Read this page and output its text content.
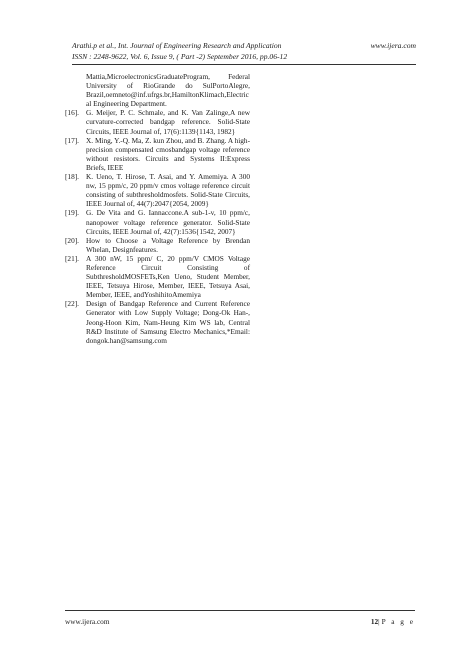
Arathi.p et al., Int. Journal of Engineering Research and Application	www.ijera.com
ISSN : 2248-9622, Vol. 6, Issue 9, ( Part -2) September 2016, pp.06-12
Mattia,MicroelectronicsGraduateProgram, Federal University of RioGrande do SulPortoAlegre, Brazil,oemneto@inf.ufrgs.br,HamiltonKlimach,Electrical Engineering Department.
[16]. G. Meijer, P. C. Schmale, and K. Van Zalinge,A new curvature-corrected bandgap reference. Solid-State Circuits, IEEE Journal of, 17(6):1139{1143, 1982}
[17]. X. Ming, Y.-Q. Ma, Z. kun Zhou, and B. Zhang. A high-precision compensated cmosbandgap voltage reference without resistors. Circuits and Systems II:Express Briefs, IEEE
[18]. K. Ueno, T. Hirose, T. Asai, and Y. Amemiya. A 300 nw, 15 ppm/c, 20 ppm/v cmos voltage reference circuit consisting of subthresholdmosfets. Solid-State Circuits, IEEE Journal of, 44(7):2047{2054, 2009}
[19]. G. De Vita and G. Iannaccone.A sub-1-v, 10 ppm/c, nanopower voltage reference generator. Solid-State Circuits, IEEE Journal of, 42(7):1536{1542, 2007}
[20]. How to Choose a Voltage Reference by Brendan Whelan, Designfeatures.
[21]. A 300 nW, 15 ppm/ C, 20 ppm/V CMOS Voltage Reference Circuit Consisting of SubthresholdMOSFETs,Ken Ueno, Student Member, IEEE, Tetsuya Hirose, Member, IEEE, Tetsuya Asai, Member, IEEE, andYoshihitoAmemiya
[22]. Design of Bandgap Reference and Current Reference Generator with Low Supply Voltage; Dong-Ok Han-, Jeong-Hoon Kim, Nam-Heung Kim WS lab, Central R&D Institute of Samsung Electro Mechanics,*Email: dongok.han@samsung.com
www.ijera.com	12|P a g e
